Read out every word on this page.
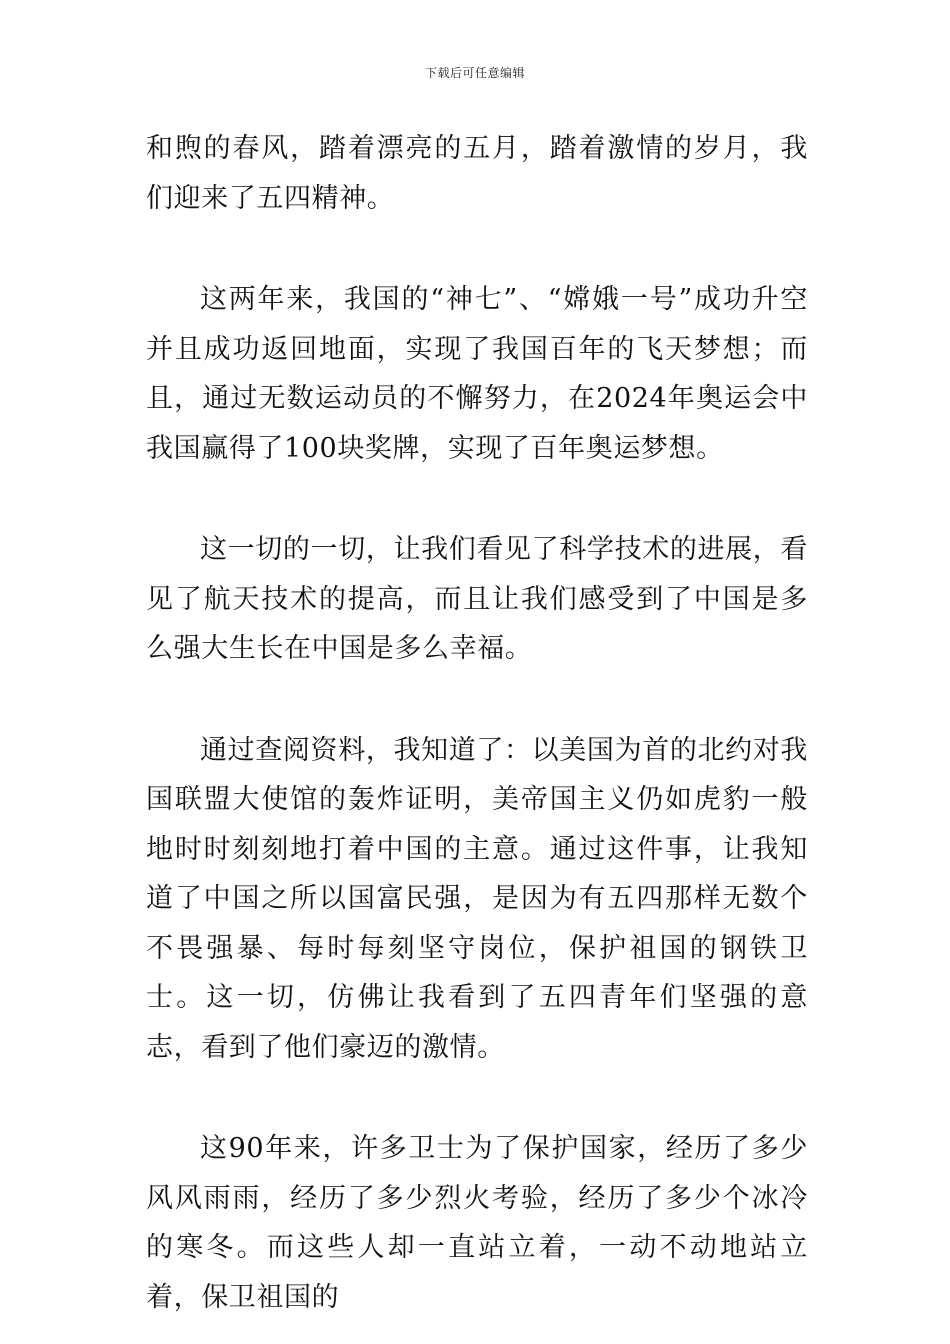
下载后可任意编辑

和煦的春风，踏着漂亮的五月，踏着激情的岁月，我们迎来了五四精神。

这两年来，我国的“神七”、“嫦娥一号”成功升空并且成功返回地面，实现了我国百年的飞天梦想；而且，通过无数运动员的不懈努力，在2024年奥运会中我国赢得了100块奖牌，实现了百年奥运梦想。

这一切的一切，让我们看见了科学技术的进展，看见了航天技术的提高，而且让我们感受到了中国是多么强大生长在中国是多么幸福。

通过查阅资料，我知道了：以美国为首的北约对我国联盟大使馆的轰炸证明，美帝国主义仍如虎豹一般地时时刻刻地打着中国的主意。通过这件事，让我知道了中国之所以国富民强，是因为有五四那样无数个不畏强暴、每时每刻坚守岗位，保护祖国的钢铁卫士。这一切，仿佛让我看到了五四青年们坚强的意志，看到了他们豪迈的激情。

这90年来，许多卫士为了保护国家，经历了多少风风雨雨，经历了多少烈火考验，经历了多少个冰冷的寒冬。而这些人却一直站立着，一动不动地站立着，保卫祖国的
